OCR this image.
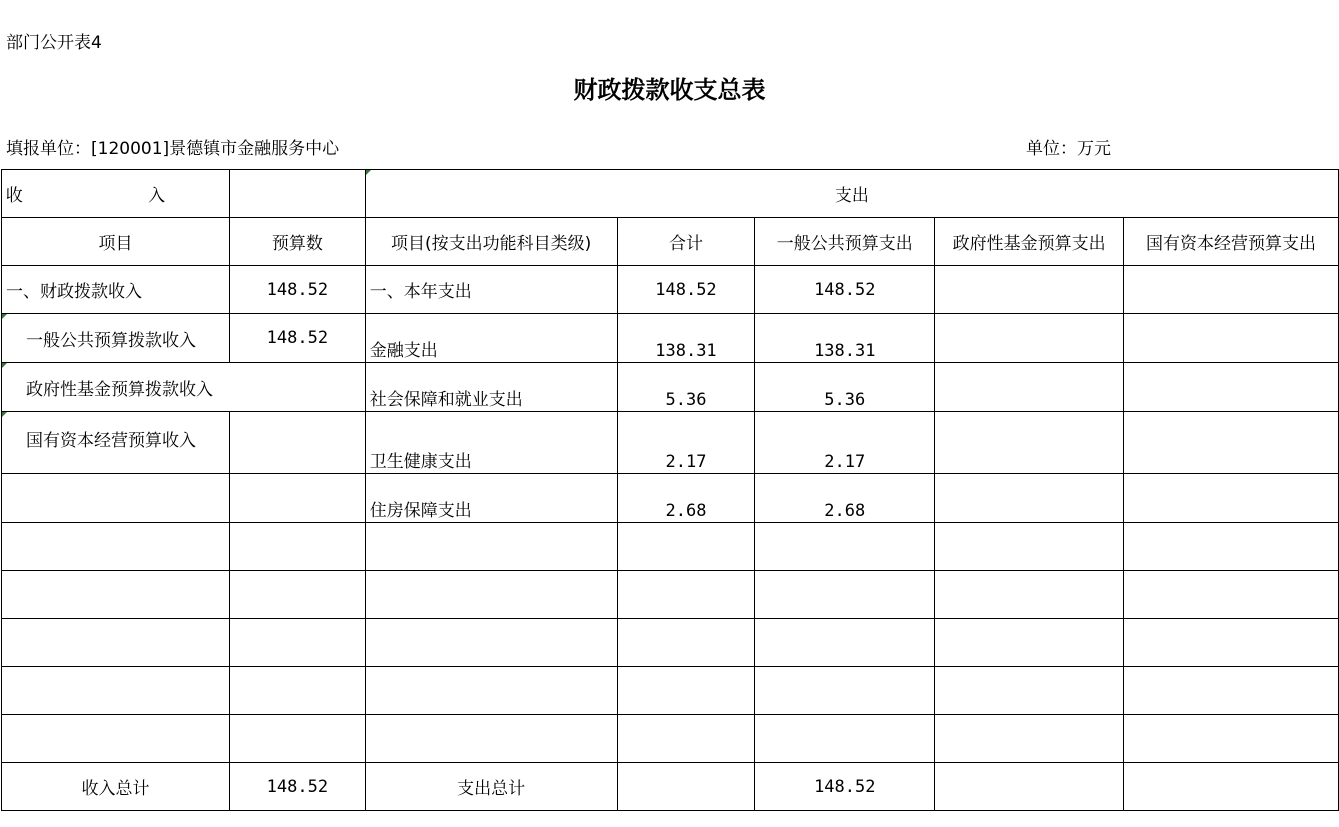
部门公开表4
财政拨款收支总表
填报单位：[120001]景德镇市金融服务中心	单位：万元
收 入		支出				
项目	预算数	项目(按支出功能科目类级)	合计	一般公共预算支出	政府性基金预算支出	国有资本经营预算支出
一、财政拨款收入	148.52	一、本年支出	148.52	148.52		
一般公共预算拨款收入	148.52	金融支出	138.31	138.31		
政府性基金预算拨款收入		社会保障和就业支出	5.36	5.36		
国有资本经营预算收入		卫生健康支出	2.17	2.17		
		住房保障支出	2.68	2.68		

收入总计	148.52	支出总计		148.52		
